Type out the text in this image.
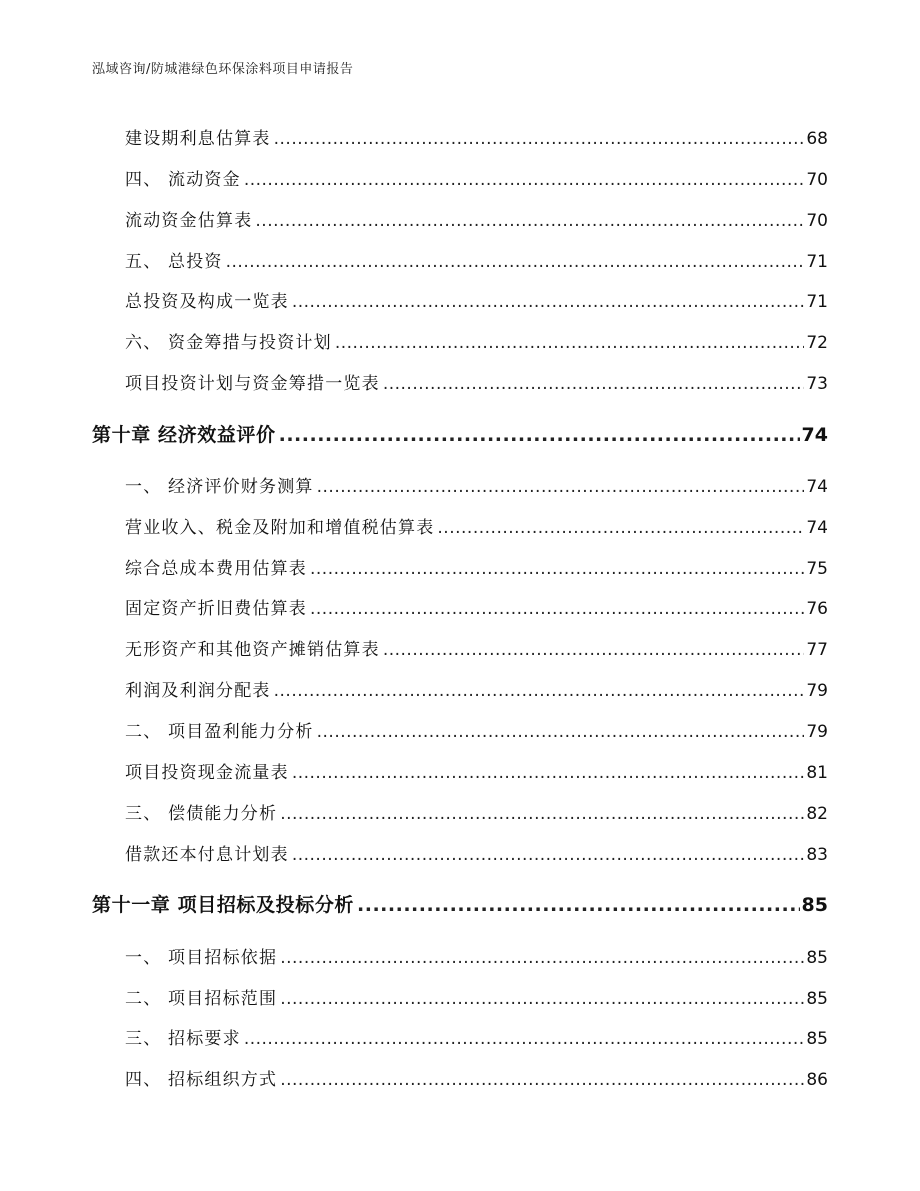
泓域咨询/防城港绿色环保涂料项目申请报告
建设期利息估算表 .....	68
四、 流动资金 .....	70
流动资金估算表 .....	70
五、 总投资 .....	71
总投资及构成一览表 .....	71
六、 资金筹措与投资计划 .....	72
项目投资计划与资金筹措一览表 .....	73
第十章 经济效益评价 .....	74
一、 经济评价财务测算 .....	74
营业收入、税金及附加和增值税估算表 .....	74
综合总成本费用估算表 .....	75
固定资产折旧费估算表 .....	76
无形资产和其他资产摊销估算表 .....	77
利润及利润分配表 .....	79
二、 项目盈利能力分析 .....	79
项目投资现金流量表 .....	81
三、 偿债能力分析 .....	82
借款还本付息计划表 .....	83
第十一章 项目招标及投标分析 .....	85
一、 项目招标依据 .....	85
二、 项目招标范围 .....	85
三、 招标要求 .....	85
四、 招标组织方式 .....	86
